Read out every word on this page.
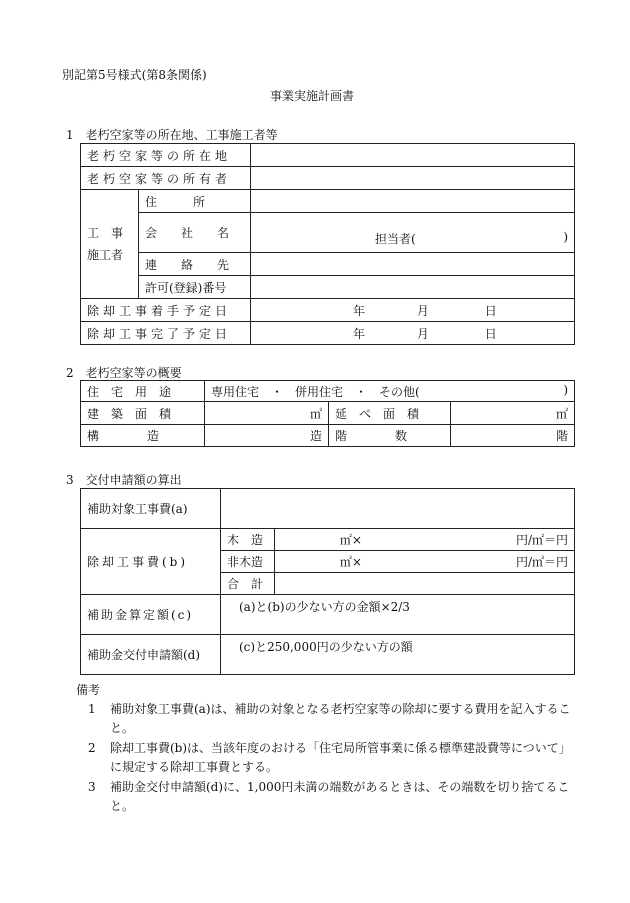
別記第5号様式(第8条関係)
事業実施計画書
1　老朽空家等の所在地、工事施工者等
老朽空家等の所在地		
老朽空家等の所有者		

工　事
施工者	住　　　所	
	会　　社　　名	担当者( )

	連　　絡　　先	
	許可(登録)番号	
除却工事着手予定日		年 月 日
除却工事完了予定日		年 月 日
2　老朽空家等の概要
住　宅　用　途	専用住宅　・　併用住宅　・　その他( )		

建　築　面　積	㎡	延　べ　面　積	㎡
構　　　　造	造	階　　　　数	階
3　交付申請額の算出
補助対象工事費(a)		
除却工事費(b)	木　造	㎡× 円/㎡＝ 円

	非木造	㎡× 円/㎡＝ 円

	合　計	
補助金算定額(c)	(a)と(b)の少ない方の金額×2/3	
補助金交付申請額(d)	(c)と250,000円の少ない方の額	
備考
1 補助対象工事費(a)は、補助の対象となる老朽空家等の除却に要する費用を記入すること。
2 除却工事費(b)は、当該年度のおける「住宅局所管事業に係る標準建設費等について」に規定する除却工事費とする。
3 補助金交付申請額(d)に、1,000円未満の端数があるときは、その端数を切り捨てること。
